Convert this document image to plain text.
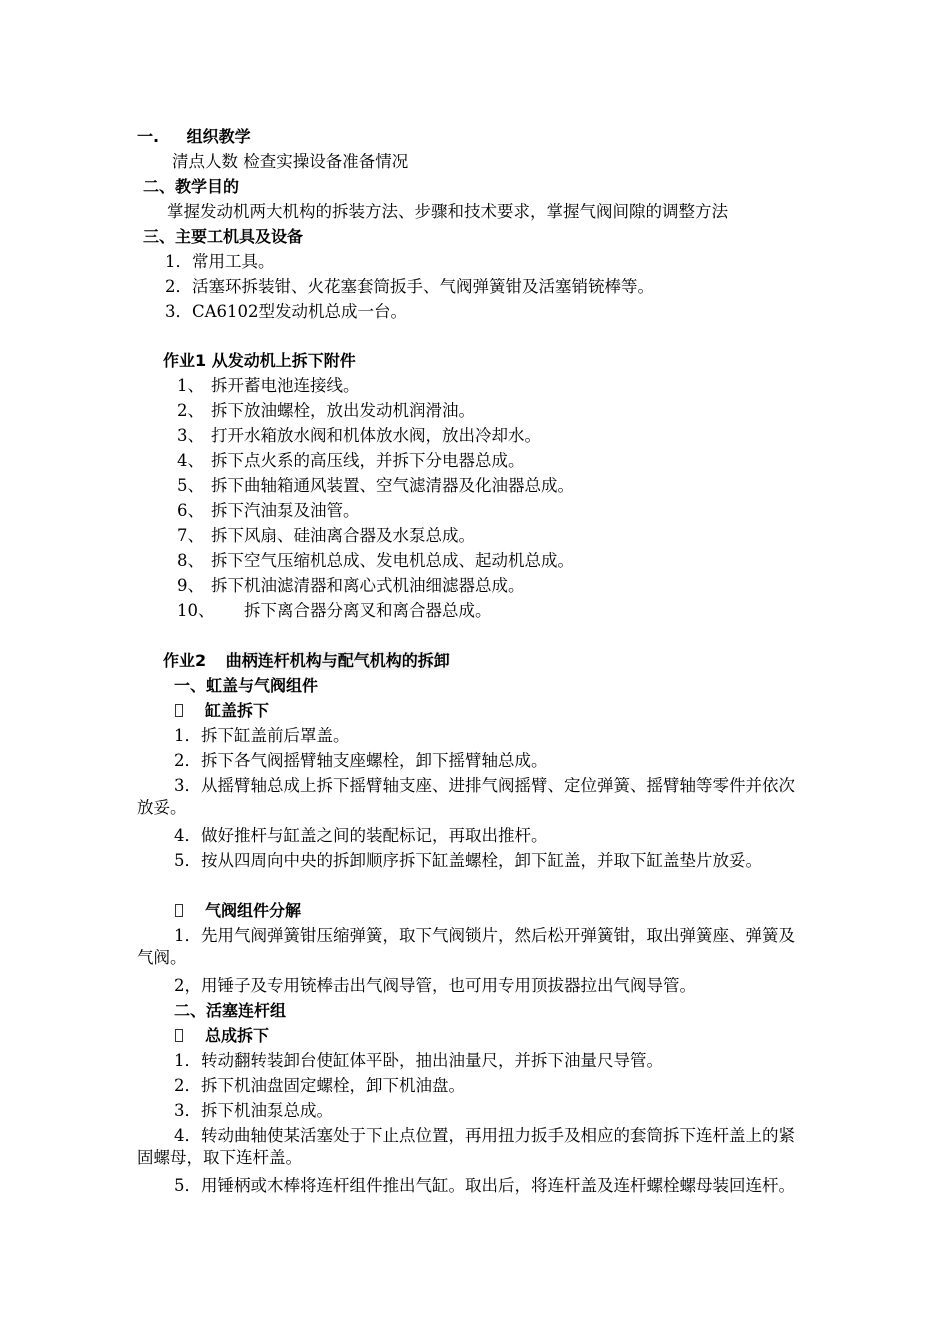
一. 组织教学
清点人数 检查实操设备准备情况
二、教学目的
掌握发动机两大机构的拆装方法、步骤和技术要求，掌握气阀间隙的调整方法
三、主要工机具及设备
1．常用工具。
2．活塞环拆装钳、火花塞套筒扳手、气阀弹簧钳及活塞销铳棒等。
3．CA6102型发动机总成一台。
作业1 从发动机上拆下附件
1、 拆开蓄电池连接线。
2、 拆下放油螺栓，放出发动机润滑油。
3、 打开水箱放水阀和机体放水阀，放出冷却水。
4、 拆下点火系的高压线，并拆下分电器总成。
5、 拆下曲轴箱通风装置、空气滤清器及化油器总成。
6、 拆下汽油泵及油管。
7、 拆下风扇、硅油离合器及水泵总成。
8、 拆下空气压缩机总成、发电机总成、起动机总成。
9、 拆下机油滤清器和离心式机油细滤器总成。
10、 拆下离合器分离叉和离合器总成。
作业2 曲柄连杆机构与配气机构的拆卸
一、虹盖与气阀组件
缸盖拆下
1．拆下缸盖前后罩盖。
2．拆下各气阀摇臂轴支座螺栓，卸下摇臂轴总成。
3．从摇臂轴总成上拆下摇臂轴支座、进排气阀摇臂、定位弹簧、摇臂轴等零件并依次放妥。
4．做好推杆与缸盖之间的装配标记，再取出推杆。
5．按从四周向中央的拆卸顺序拆下缸盖螺栓，卸下缸盖，并取下缸盖垫片放妥。
气阀组件分解
1．先用气阀弹簧钳压缩弹簧，取下气阀锁片，然后松开弹簧钳，取出弹簧座、弹簧及气阀。
2，用锤子及专用铳棒击出气阀导管，也可用专用顶拔器拉出气阀导管。
二、活塞连杆组
总成拆下
1．转动翻转装卸台使缸体平卧，抽出油量尺，并拆下油量尺导管。
2．拆下机油盘固定螺栓，卸下机油盘。
3．拆下机油泵总成。
4．转动曲轴使某活塞处于下止点位置，再用扭力扳手及相应的套筒拆下连杆盖上的紧固螺母，取下连杆盖。
5．用锤柄或木棒将连杆组件推出气缸。取出后，将连杆盖及连杆螺栓螺母装回连杆。
